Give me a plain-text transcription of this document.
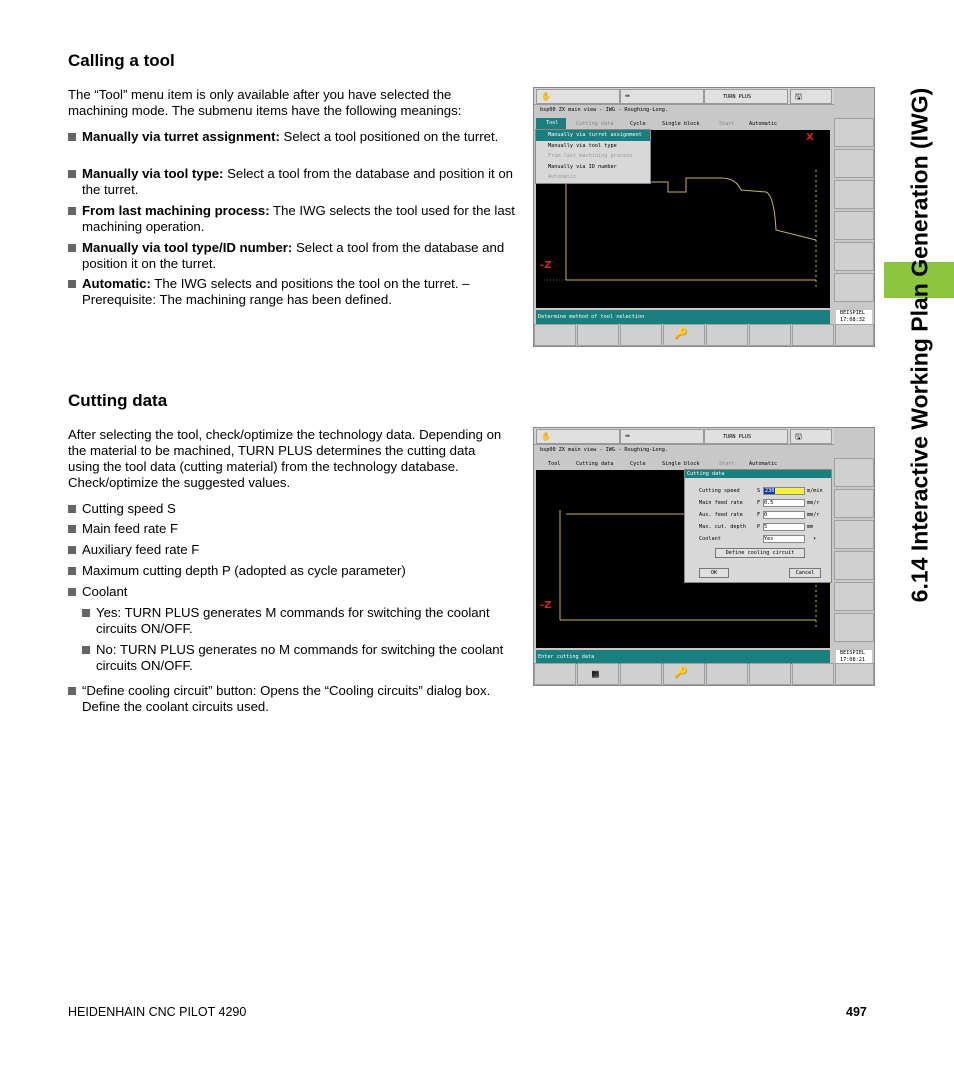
6.14 Interactive Working Plan Generation (IWG)
Calling a tool
The “Tool” menu item is only available after you have selected the machining mode. The submenu items have the following meanings:
Manually via turret assignment: Select a tool positioned on the turret.
Manually via tool type: Select a tool from the database and position it on the turret.
From last machining process: The IWG selects the tool used for the last machining operation.
Manually via tool type/ID number: Select a tool from the database and position it on the turret.
Automatic: The IWG selects and positions the tool on the turret. – Prerequisite: The machining range has been defined.
✋	⇛	TURN PLUS	🖫
bsp00 ZX main view - IWG - Roughing-Long.
Tool	Cutting data	Cycle	Single block	Start	Automatic
X
-Z
Manually via turret assignment
Manually via tool type
From last machining process
Manually via ID number
Automatic
Determine method of tool selection
BEISPIEL
17:08:32
🔑
Cutting data
After selecting the tool, check/optimize the technology data. Depending on the material to be machined, TURN PLUS determines the cutting data using the tool data (cutting material) from the technology database. Check/optimize the suggested values.
Cutting speed S
Main feed rate F
Auxiliary feed rate F
Maximum cutting depth P (adopted as cycle parameter)
Coolant
Yes: TURN PLUS generates M commands for switching the coolant circuits ON/OFF.
No: TURN PLUS generates no M commands for switching the coolant circuits ON/OFF.
“Define cooling circuit” button: Opens the “Cooling circuits” dialog box. Define the coolant circuits used.
✋	⇛	TURN PLUS	🖫
bsp00 ZX main view - IWG - Roughing-Long.
Tool	Cutting data	Cycle	Single block	Start	Automatic
-Z
Cutting data
Cutting speed	S 230	m/min
Main feed rate	F 0.5	mm/r
Aux. feed rate	F 0	mm/r
Max. cut. depth P 5	mm
Coolant	Yes	▾
Define cooling circuit
OK	Cancel
Enter cutting data
BEISPIEL
17:08:21
▦	🔑
HEIDENHAIN CNC PILOT 4290	497
